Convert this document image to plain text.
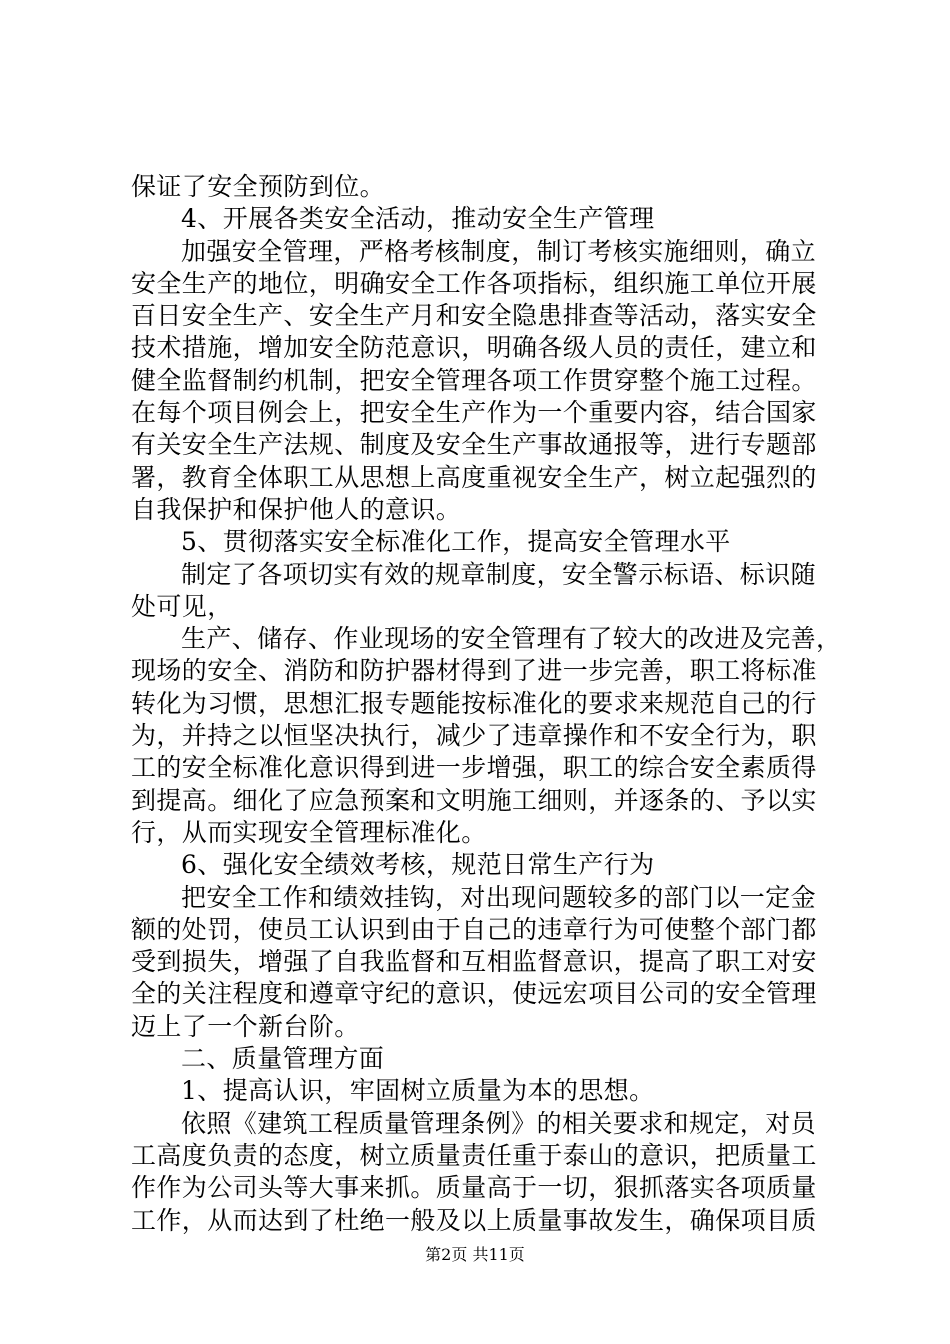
保证了安全预防到位。
4、开展各类安全活动，推动安全生产管理
加强安全管理，严格考核制度，制订考核实施细则，确立
安全生产的地位，明确安全工作各项指标，组织施工单位开展
百日安全生产、安全生产月和安全隐患排查等活动，落实安全
技术措施，增加安全防范意识，明确各级人员的责任，建立和
健全监督制约机制，把安全管理各项工作贯穿整个施工过程。
在每个项目例会上，把安全生产作为一个重要内容，结合国家
有关安全生产法规、制度及安全生产事故通报等，进行专题部
署，教育全体职工从思想上高度重视安全生产，树立起强烈的
自我保护和保护他人的意识。
5、贯彻落实安全标准化工作，提高安全管理水平
制定了各项切实有效的规章制度，安全警示标语、标识随
处可见，
生产、储存、作业现场的安全管理有了较大的改进及完善，
现场的安全、消防和防护器材得到了进一步完善，职工将标准
转化为习惯，思想汇报专题能按标准化的要求来规范自己的行
为，并持之以恒坚决执行，减少了违章操作和不安全行为，职
工的安全标准化意识得到进一步增强，职工的综合安全素质得
到提高。细化了应急预案和文明施工细则，并逐条的、予以实
行，从而实现安全管理标准化。
6、强化安全绩效考核，规范日常生产行为
把安全工作和绩效挂钩，对出现问题较多的部门以一定金
额的处罚，使员工认识到由于自己的违章行为可使整个部门都
受到损失，增强了自我监督和互相监督意识，提高了职工对安
全的关注程度和遵章守纪的意识，使远宏项目公司的安全管理
迈上了一个新台阶。
二、质量管理方面
1、提高认识，牢固树立质量为本的思想。
依照《建筑工程质量管理条例》的相关要求和规定，对员
工高度负责的态度，树立质量责任重于泰山的意识，把质量工
作作为公司头等大事来抓。质量高于一切，狠抓落实各项质量
工作，从而达到了杜绝一般及以上质量事故发生，确保项目质
第2页 共11页
